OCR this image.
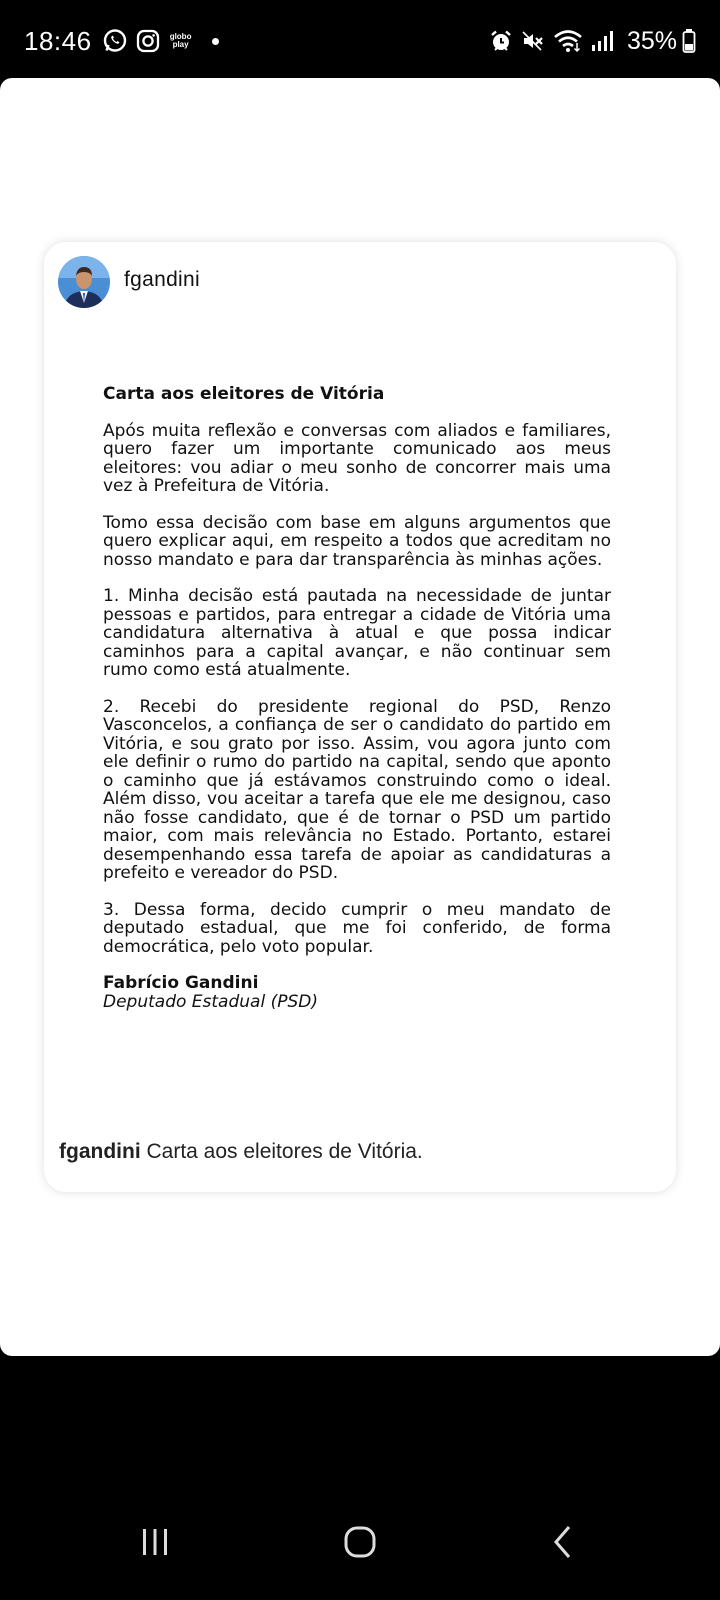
18:46	globo play	35%
fgandini
Carta aos eleitores de Vitória

Após muita reflexão e conversas com aliados e familiares, quero fazer um importante comunicado aos meus eleitores: vou adiar o meu sonho de concorrer mais uma vez à Prefeitura de Vitória.

Tomo essa decisão com base em alguns argumentos que quero explicar aqui, em respeito a todos que acreditam no nosso mandato e para dar transparência às minhas ações.

1. Minha decisão está pautada na necessidade de juntar pessoas e partidos, para entregar a cidade de Vitória uma candidatura alternativa à atual e que possa indicar caminhos para a capital avançar, e não continuar sem rumo como está atualmente.

2. Recebi do presidente regional do PSD, Renzo Vasconcelos, a confiança de ser o candidato do partido em Vitória, e sou grato por isso. Assim, vou agora junto com ele definir o rumo do partido na capital, sendo que aponto o caminho que já estávamos construindo como o ideal. Além disso, vou aceitar a tarefa que ele me designou, caso não fosse candidato, que é de tornar o PSD um partido maior, com mais relevância no Estado. Portanto, estarei desempenhando essa tarefa de apoiar as candidaturas a prefeito e vereador do PSD.

3. Dessa forma, decido cumprir o meu mandato de deputado estadual, que me foi conferido, de forma democrática, pelo voto popular.

Fabrício Gandini
Deputado Estadual (PSD)
fgandini Carta aos eleitores de Vitória.
